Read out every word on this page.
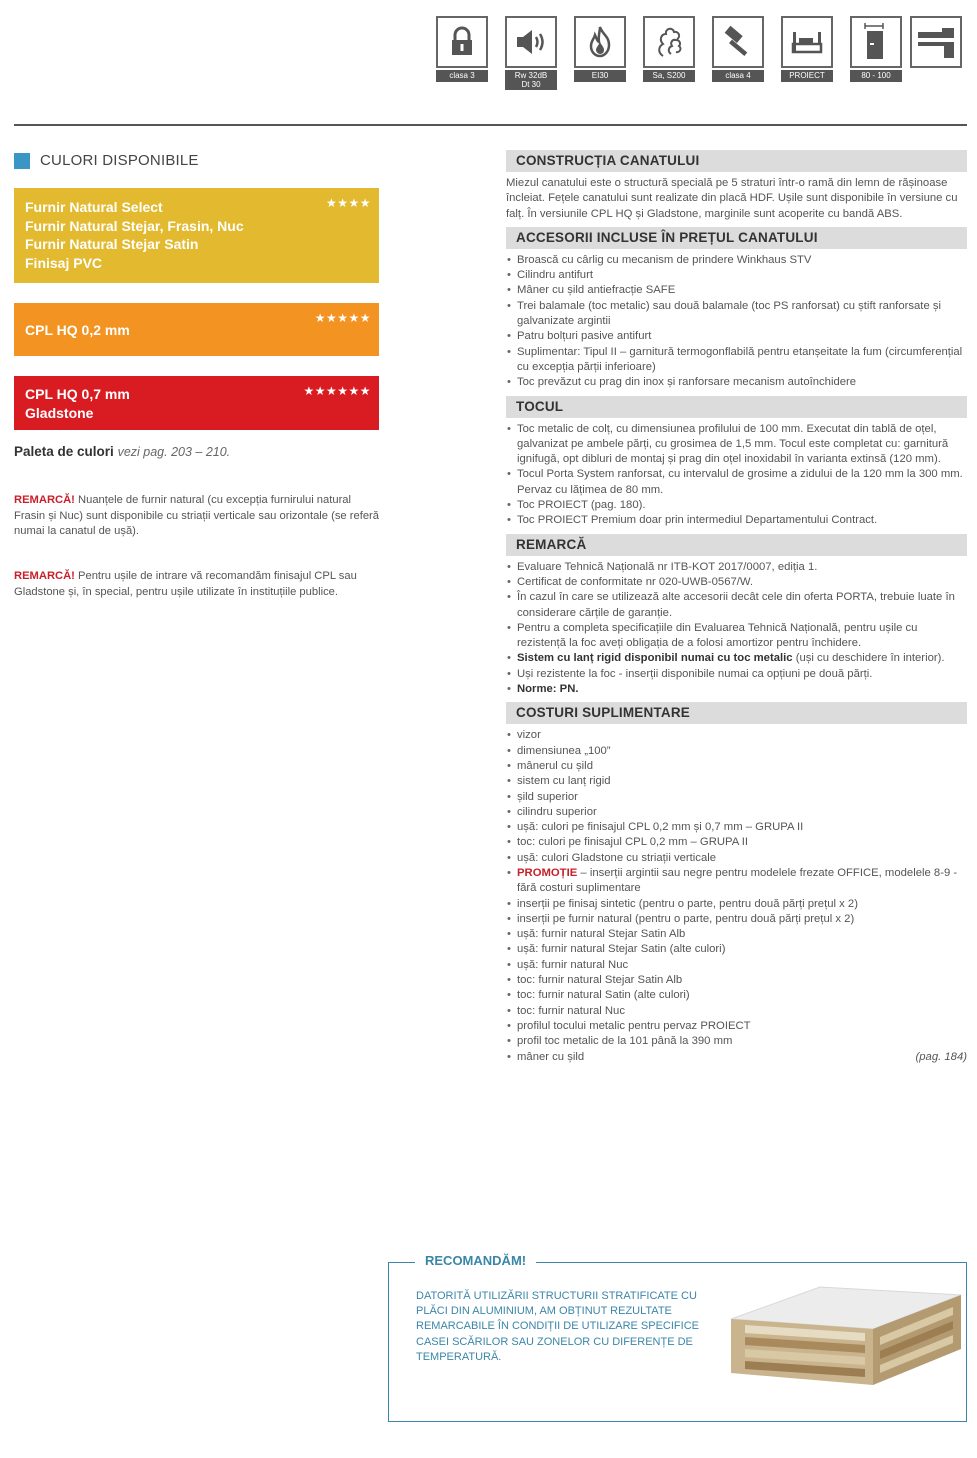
clasa 3	Rw 32dB
Dt 30
EI30	Sa, S200	clasa 4	PROIECT	80 - 100
CULORI DISPONIBILE
Furnir Natural Select
Furnir Natural Stejar, Frasin, Nuc
Furnir Natural Stejar Satin
Finisaj PVC
★★★★
CPL HQ 0,2 mm
★★★★★
CPL HQ 0,7 mm
Gladstone
★★★★★★
Paleta de culori vezi pag. 203 – 210.
REMARCĂ! Nuanțele de furnir natural (cu excepția furnirului natural Frasin și Nuc) sunt disponibile cu striații verticale sau orizontale (se referă numai la canatul de ușă).
REMARCĂ! Pentru ușile de intrare vă recomandăm finisajul CPL sau Gladstone și, în special, pentru ușile utilizate în instituțiile publice.
CONSTRUCȚIA CANATULUI

Miezul canatului este o structură specială pe 5 straturi într-o ramă din lemn de rășinoase încleiat. Fețele canatului sunt realizate din placă HDF. Ușile sunt disponibile în versiune cu falț. În versiunile CPL HQ și Gladstone, marginile sunt acoperite cu bandă ABS.

ACCESORII INCLUSE ÎN PREȚUL CANATULUI
• Broască cu cârlig cu mecanism de prindere Winkhaus STV
• Cilindru antifurt
• Mâner cu șild antiefracție SAFE
• Trei balamale (toc metalic) sau două balamale (toc PS ranforsat) cu știft ranforsate și galvanizate argintii
• Patru bolțuri pasive antifurt
• Suplimentar: Tipul II – garnitură termogonflabilă pentru etanșeitate la fum (circumferențial cu excepția părții inferioare)
• Toc prevăzut cu prag din inox și ranforsare mecanism autoînchidere
TOCUL
• Toc metalic de colț, cu dimensiunea profilului de 100 mm. Executat din tablă de oțel, galvanizat pe ambele părți, cu grosimea de 1,5 mm. Tocul este completat cu: garnitură ignifugă, opt dibluri de montaj și prag din oțel inoxidabil în varianta extinsă (120 mm).
• Tocul Porta System ranforsat, cu intervalul de grosime a zidului de la 120 mm la 300 mm. Pervaz cu lățimea de 80 mm.
• Toc PROIECT (pag. 180).
• Toc PROIECT Premium doar prin intermediul Departamentului Contract.
REMARCĂ
• Evaluare Tehnică Națională nr ITB-KOT 2017/0007, ediția 1.
• Certificat de conformitate nr 020-UWB-0567/W.
• În cazul în care se utilizează alte accesorii decât cele din oferta PORTA, trebuie luate în considerare cărțile de garanție.
• Pentru a completa specificațiile din Evaluarea Tehnică Națională, pentru ușile cu rezistență la foc aveți obligația de a folosi amortizor pentru închidere.
• Sistem cu lanț rigid disponibil numai cu toc metalic (uși cu deschidere în interior).
• Uși rezistente la foc - inserții disponibile numai ca opțiuni pe două părți.
• Norme: PN.
COSTURI SUPLIMENTARE
• vizor
• dimensiunea „100”
• mânerul cu șild
• sistem cu lanț rigid
• șild superior
• cilindru superior
• ușă: culori pe finisajul CPL 0,2 mm și 0,7 mm – GRUPA II
• toc: culori pe finisajul CPL 0,2 mm – GRUPA II
• ușă: culori Gladstone cu striații verticale
• PROMOȚIE – inserții argintii sau negre pentru modelele frezate OFFICE, modelele 8-9 - fără costuri suplimentare
• inserții pe finisaj sintetic (pentru o parte, pentru două părți prețul x 2)
• inserții pe furnir natural (pentru o parte, pentru două părți prețul x 2)
• ușă: furnir natural Stejar Satin Alb
• ușă: furnir natural Stejar Satin (alte culori)
• ușă: furnir natural Nuc
• toc: furnir natural Stejar Satin Alb
• toc: furnir natural Satin (alte culori)
• toc: furnir natural Nuc
• profilul tocului metalic pentru pervaz PROIECT
• profil toc metalic de la 101 până la 390 mm
• mâner cu șild	(pag. 184)
RECOMANDĂM!
DATORITĂ UTILIZĂRII STRUCTURII STRATIFICATE CU PLĂCI DIN ALUMINIUM, AM OBȚINUT REZULTATE REMARCABILE ÎN CONDIȚII DE UTILIZARE SPECIFICE CASEI SCĂRILOR SAU ZONELOR CU DIFERENȚE DE TEMPERATURĂ.
